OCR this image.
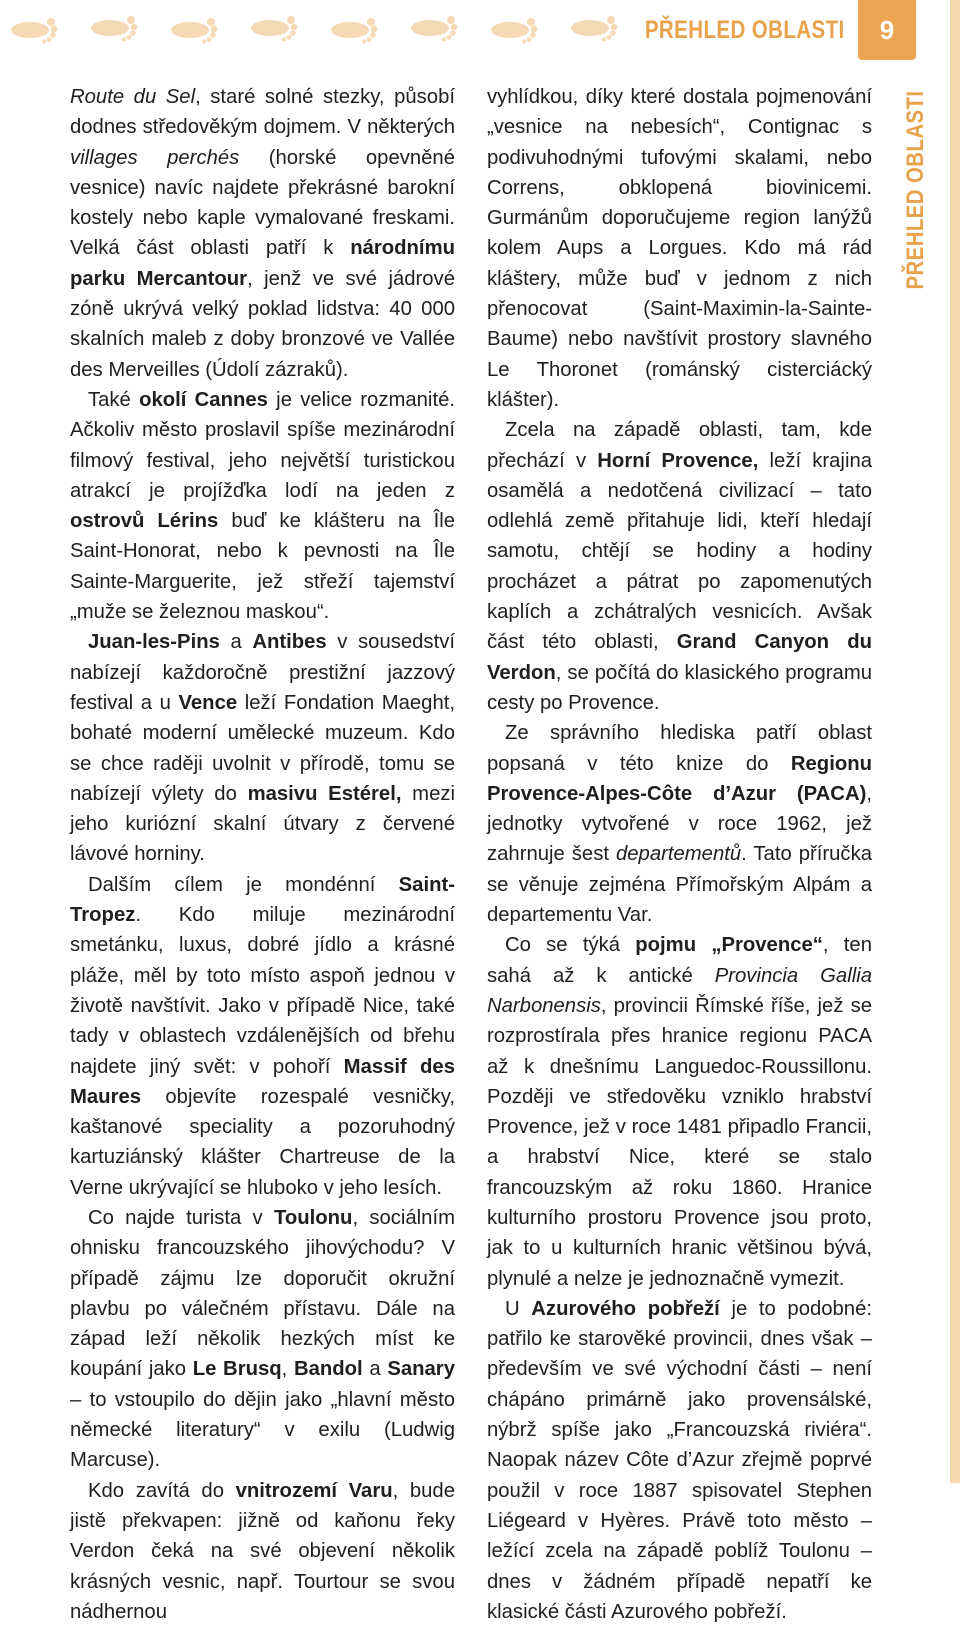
PŘEHLED OBLASTI	9
PŘEHLED OBLASTI

Route du Sel, staré solné stezky, působí dodnes středověkým dojmem. V některých villages perchés (horské opevněné vesnice) navíc najdete překrásné barokní kostely nebo kaple vymalované freskami. Velká část oblasti patří k národnímu parku Mercantour, jenž ve své jádrové zóně ukrývá velký poklad lidstva: 40 000 skalních maleb z doby bronzové ve Vallée des Merveilles (Údolí zázraků).

Také okolí Cannes je velice rozmanité. Ačkoliv město proslavil spíše mezinárodní filmový festival, jeho největší turistickou atrakcí je projížďka lodí na jeden z ostrovů Lérins buď ke klášteru na Île Saint-Honorat, nebo k pevnosti na Île Sainte-Marguerite, jež střeží tajemství „muže se železnou maskou“.

Juan-les-Pins a Antibes v sousedství nabízejí každoročně prestižní jazzový festival a u Vence leží Fondation Maeght, bohaté moderní umělecké muzeum. Kdo se chce raději uvolnit v přírodě, tomu se nabízejí výlety do masivu Estérel, mezi jeho kuriózní skalní útvary z červené lávové horniny.

Dalším cílem je mondénní Saint-Tropez. Kdo miluje mezinárodní smetánku, luxus, dobré jídlo a krásné pláže, měl by toto místo aspoň jednou v životě navštívit. Jako v případě Nice, také tady v oblastech vzdálenějších od břehu najdete jiný svět: v pohoří Massif des Maures objevíte rozespalé vesničky, kaštanové speciality a pozoruhodný kartuziánský klášter Chartreuse de la Verne ukrývající se hluboko v jeho lesích.

Co najde turista v Toulonu, sociálním ohnisku francouzského jihovýchodu? V případě zájmu lze doporučit okružní plavbu po válečném přístavu. Dále na západ leží několik hezkých míst ke koupání jako Le Brusq, Bandol a Sanary – to vstoupilo do dějin jako „hlavní město německé literatury“ v exilu (Ludwig Marcuse).

Kdo zavítá do vnitrozemí Varu, bude jistě překvapen: jižně od kaňonu řeky Verdon čeká na své objevení několik krásných vesnic, např. Tourtour se svou nádhernou

vyhlídkou, díky které dostala pojmenování „vesnice na nebesích“, Contignac s podivuhodnými tufovými skalami, nebo Correns, obklopená biovinicemi. Gurmánům doporučujeme region lanýžů kolem Aups a Lorgues. Kdo má rád kláštery, může buď v jednom z nich přenocovat (Saint-Maximin-la-Sainte-Baume) nebo navštívit prostory slavného Le Thoronet (románský cisterciácký klášter).

Zcela na západě oblasti, tam, kde přechází v Horní Provence, leží krajina osamělá a nedotčená civilizací – tato odlehlá země přitahuje lidi, kteří hledají samotu, chtějí se hodiny a hodiny procházet a pátrat po zapomenutých kaplích a zchátralých vesnicích. Avšak část této oblasti, Grand Canyon du Verdon, se počítá do klasického programu cesty po Provence.

Ze správního hlediska patří oblast popsaná v této knize do Regionu Provence-Alpes-Côte d’Azur (PACA), jednotky vytvořené v roce 1962, jež zahrnuje šest departementů. Tato příručka se věnuje zejména Přímořským Alpám a departementu Var.

Co se týká pojmu „Provence“, ten sahá až k antické Provincia Gallia Narbonensis, provincii Římské říše, jež se rozprostírala přes hranice regionu PACA až k dnešnímu Languedoc-Roussillonu. Později ve středověku vzniklo hrabství Provence, jež v roce 1481 připadlo Francii, a hrabství Nice, které se stalo francouzským až roku 1860. Hranice kulturního prostoru Provence jsou proto, jak to u kulturních hranic většinou bývá, plynulé a nelze je jednoznačně vymezit.

U Azurového pobřeží je to podobné: patřilo ke starověké provincii, dnes však – především ve své východní části – není chápáno primárně jako provensálské, nýbrž spíše jako „Francouzská riviéra“. Naopak název Côte d’Azur zřejmě poprvé použil v roce 1887 spisovatel Stephen Liégeard v Hyères. Právě toto město – ležící zcela na západě poblíž Toulonu – dnes v žádném případě nepatří ke klasické části Azurového pobřeží.
